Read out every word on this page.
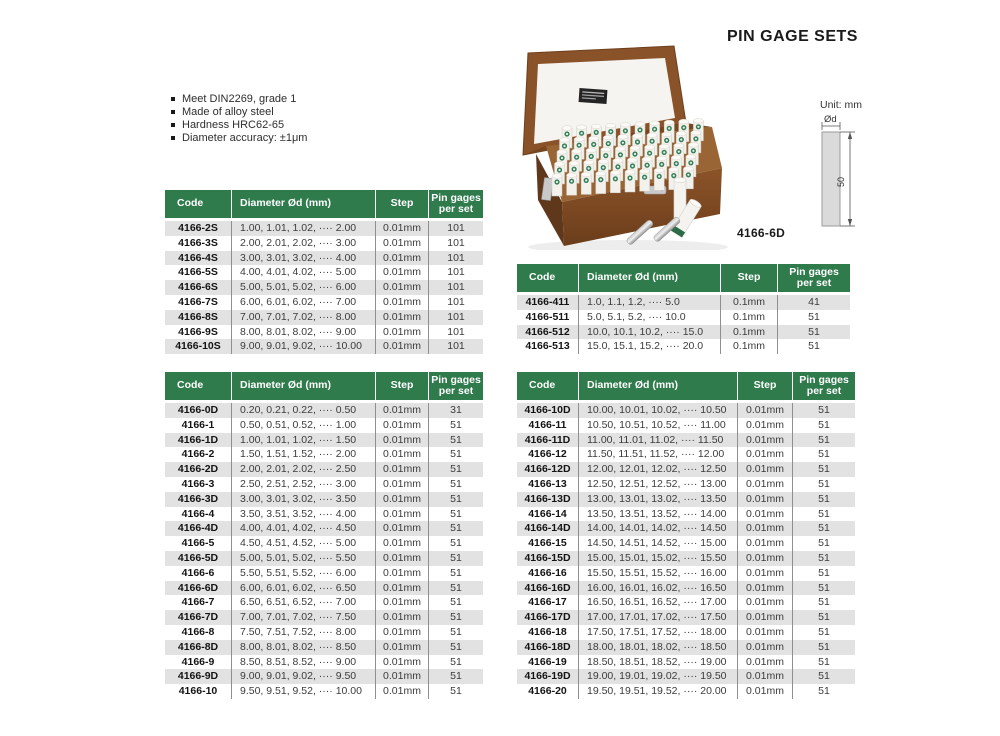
PIN GAGE SETS
Meet DIN2269, grade 1
Made of alloy steel
Hardness HRC62-65
Diameter accuracy: ±1μm
4166-6D
Unit: mm
Ød
50
Code	Diameter Ød (mm)	Step	Pin gages per set
4166-2S	1.00, 1.01, 1.02, ···· 2.00	0.01mm	101
4166-3S	2.00, 2.01, 2.02, ···· 3.00	0.01mm	101
4166-4S	3.00, 3.01, 3.02, ···· 4.00	0.01mm	101
4166-5S	4.00, 4.01, 4.02, ···· 5.00	0.01mm	101
4166-6S	5.00, 5.01, 5.02, ···· 6.00	0.01mm	101
4166-7S	6.00, 6.01, 6.02, ···· 7.00	0.01mm	101
4166-8S	7.00, 7.01, 7.02, ···· 8.00	0.01mm	101
4166-9S	8.00, 8.01, 8.02, ···· 9.00	0.01mm	101
4166-10S	9.00, 9.01, 9.02, ···· 10.00	0.01mm	101
Code	Diameter Ød (mm)	Step	Pin gages per set
4166-411	1.0, 1.1, 1.2, ···· 5.0	0.1mm	41
4166-511	5.0, 5.1, 5.2, ···· 10.0	0.1mm	51
4166-512	10.0, 10.1, 10.2, ···· 15.0	0.1mm	51
4166-513	15.0, 15.1, 15.2, ···· 20.0	0.1mm	51
Code	Diameter Ød (mm)	Step	Pin gages per set
4166-0D	0.20, 0.21, 0.22, ···· 0.50	0.01mm	31
4166-1	0.50, 0.51, 0.52, ···· 1.00	0.01mm	51
4166-1D	1.00, 1.01, 1.02, ···· 1.50	0.01mm	51
4166-2	1.50, 1.51, 1.52, ···· 2.00	0.01mm	51
4166-2D	2.00, 2.01, 2.02, ···· 2.50	0.01mm	51
4166-3	2.50, 2.51, 2.52, ···· 3.00	0.01mm	51
4166-3D	3.00, 3.01, 3.02, ···· 3.50	0.01mm	51
4166-4	3.50, 3.51, 3.52, ···· 4.00	0.01mm	51
4166-4D	4.00, 4.01, 4.02, ···· 4.50	0.01mm	51
4166-5	4.50, 4.51, 4.52, ···· 5.00	0.01mm	51
4166-5D	5.00, 5.01, 5.02, ···· 5.50	0.01mm	51
4166-6	5.50, 5.51, 5.52, ···· 6.00	0.01mm	51
4166-6D	6.00, 6.01, 6.02, ···· 6.50	0.01mm	51
4166-7	6.50, 6.51, 6.52, ···· 7.00	0.01mm	51
4166-7D	7.00, 7.01, 7.02, ···· 7.50	0.01mm	51
4166-8	7.50, 7.51, 7.52, ···· 8.00	0.01mm	51
4166-8D	8.00, 8.01, 8.02, ···· 8.50	0.01mm	51
4166-9	8.50, 8.51, 8.52, ···· 9.00	0.01mm	51
4166-9D	9.00, 9.01, 9.02, ···· 9.50	0.01mm	51
4166-10	9.50, 9.51, 9.52, ···· 10.00	0.01mm	51
Code	Diameter Ød (mm)	Step	Pin gages per set
4166-10D	10.00, 10.01, 10.02, ···· 10.50	0.01mm	51
4166-11	10.50, 10.51, 10.52, ···· 11.00	0.01mm	51
4166-11D	11.00, 11.01, 11.02, ···· 11.50	0.01mm	51
4166-12	11.50, 11.51, 11.52, ···· 12.00	0.01mm	51
4166-12D	12.00, 12.01, 12.02, ···· 12.50	0.01mm	51
4166-13	12.50, 12.51, 12.52, ···· 13.00	0.01mm	51
4166-13D	13.00, 13.01, 13.02, ···· 13.50	0.01mm	51
4166-14	13.50, 13.51, 13.52, ···· 14.00	0.01mm	51
4166-14D	14.00, 14.01, 14.02, ···· 14.50	0.01mm	51
4166-15	14.50, 14.51, 14.52, ···· 15.00	0.01mm	51
4166-15D	15.00, 15.01, 15.02, ···· 15.50	0.01mm	51
4166-16	15.50, 15.51, 15.52, ···· 16.00	0.01mm	51
4166-16D	16.00, 16.01, 16.02, ···· 16.50	0.01mm	51
4166-17	16.50, 16.51, 16.52, ···· 17.00	0.01mm	51
4166-17D	17.00, 17.01, 17.02, ···· 17.50	0.01mm	51
4166-18	17.50, 17.51, 17.52, ···· 18.00	0.01mm	51
4166-18D	18.00, 18.01, 18.02, ···· 18.50	0.01mm	51
4166-19	18.50, 18.51, 18.52, ···· 19.00	0.01mm	51
4166-19D	19.00, 19.01, 19.02, ···· 19.50	0.01mm	51
4166-20	19.50, 19.51, 19.52, ···· 20.00	0.01mm	51
